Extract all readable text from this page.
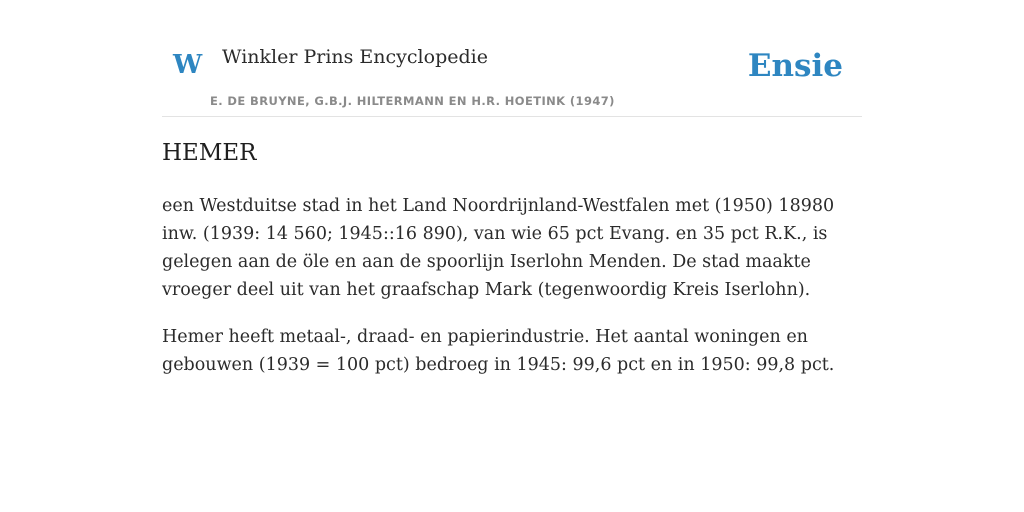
W Winkler Prins Encyclopedie
E. DE BRUYNE, G.B.J. HILTERMANN EN H.R. HOETINK (1947)
Ensie
HEMER

een Westduitse stad in het Land Noordrijnland-Westfalen met (1950) 18980 inw. (1939: 14 560; 1945::16 890), van wie 65 pct Evang. en 35 pct R.K., is gelegen aan de öle en aan de spoorlijn Iserlohn Menden. De stad maakte vroeger deel uit van het graafschap Mark (tegenwoordig Kreis Iserlohn).

Hemer heeft metaal-, draad- en papierindustrie. Het aantal woningen en gebouwen (1939 = 100 pct) bedroeg in 1945: 99,6 pct en in 1950: 99,8 pct.
